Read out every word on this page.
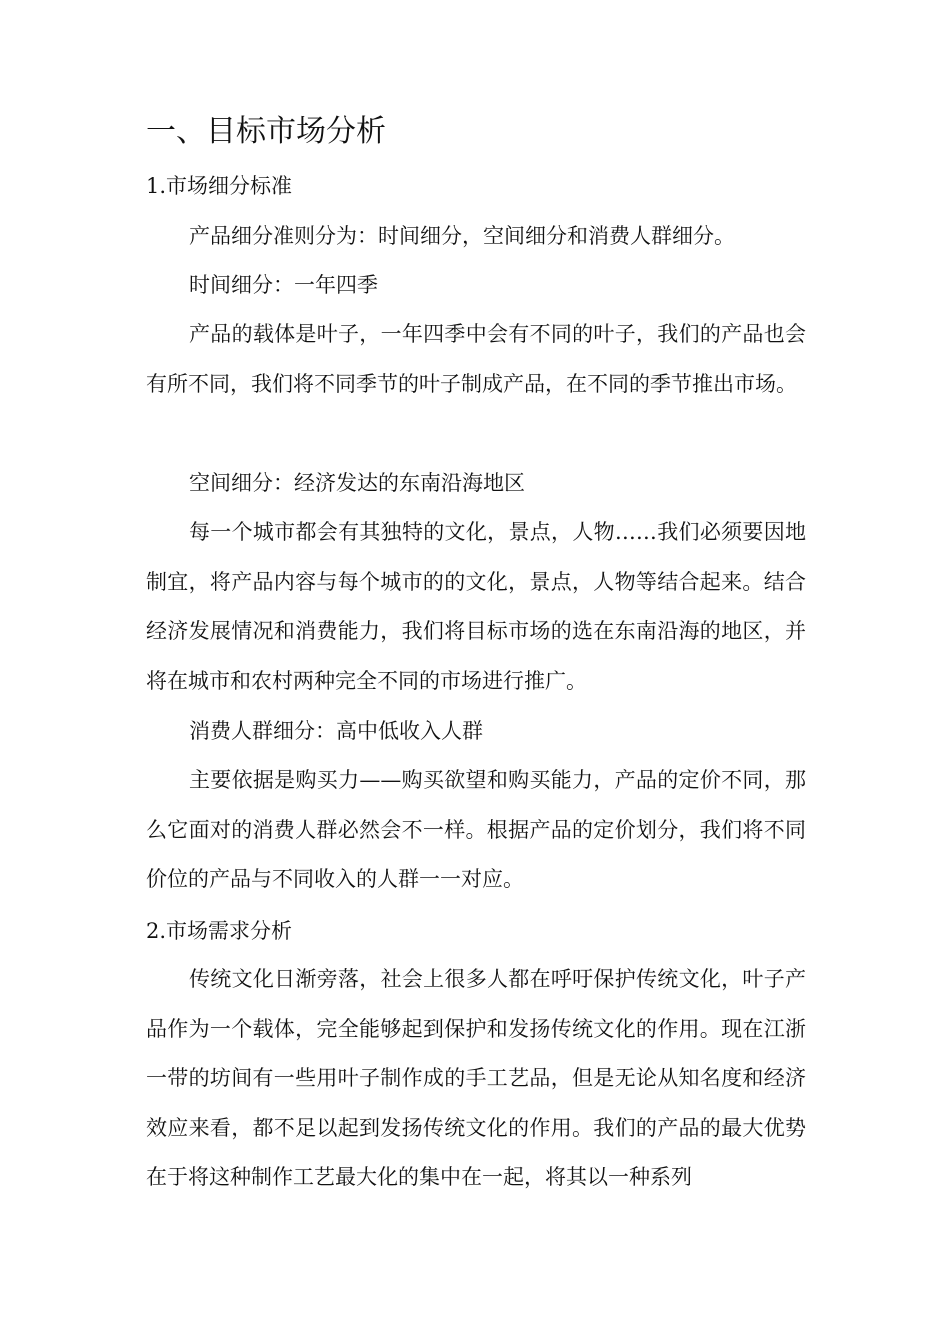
一、目标市场分析
1.市场细分标准

产品细分准则分为：时间细分，空间细分和消费人群细分。

时间细分：一年四季

产品的载体是叶子，一年四季中会有不同的叶子，我们的产品也会有所不同，我们将不同季节的叶子制成产品，在不同的季节推出市场。

空间细分：经济发达的东南沿海地区

每一个城市都会有其独特的文化，景点，人物……我们必须要因地制宜，将产品内容与每个城市的的文化，景点，人物等结合起来。结合经济发展情况和消费能力，我们将目标市场的选在东南沿海的地区，并将在城市和农村两种完全不同的市场进行推广。

消费人群细分：高中低收入人群

主要依据是购买力——购买欲望和购买能力，产品的定价不同，那么它面对的消费人群必然会不一样。根据产品的定价划分，我们将不同价位的产品与不同收入的人群一一对应。

2.市场需求分析

传统文化日渐旁落，社会上很多人都在呼吁保护传统文化，叶子产品作为一个载体，完全能够起到保护和发扬传统文化的作用。现在江浙一带的坊间有一些用叶子制作成的手工艺品，但是无论从知名度和经济效应来看，都不足以起到发扬传统文化的作用。我们的产品的最大优势在于将这种制作工艺最大化的集中在一起，将其以一种系列
